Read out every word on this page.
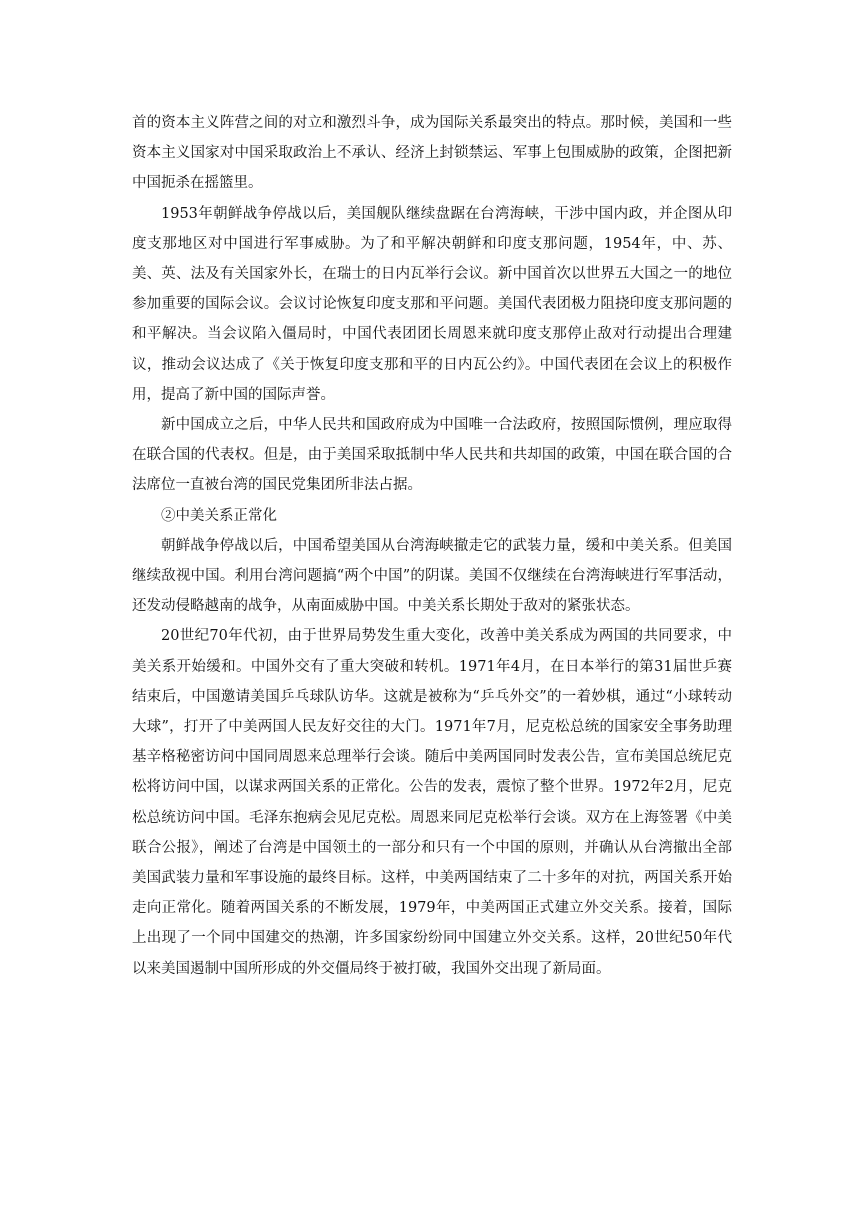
首的资本主义阵营之间的对立和激烈斗争，成为国际关系最突出的特点。那时候，美国和一些资本主义国家对中国采取政治上不承认、经济上封锁禁运、军事上包围威胁的政策，企图把新中国扼杀在摇篮里。

1953年朝鲜战争停战以后，美国舰队继续盘踞在台湾海峡，干涉中国内政，并企图从印度支那地区对中国进行军事威胁。为了和平解决朝鲜和印度支那问题，1954年，中、苏、美、英、法及有关国家外长，在瑞士的日内瓦举行会议。新中国首次以世界五大国之一的地位参加重要的国际会议。会议讨论恢复印度支那和平问题。美国代表团极力阻挠印度支那问题的和平解决。当会议陷入僵局时，中国代表团团长周恩来就印度支那停止敌对行动提出合理建议，推动会议达成了《关于恢复印度支那和平的日内瓦公约》。中国代表团在会议上的积极作用，提高了新中国的国际声誉。

新中国成立之后，中华人民共和国政府成为中国唯一合法政府，按照国际惯例，理应取得在联合国的代表权。但是，由于美国采取抵制中华人民共和共却国的政策，中国在联合国的合法席位一直被台湾的国民党集团所非法占据。

②中美关系正常化

朝鲜战争停战以后，中国希望美国从台湾海峡撤走它的武装力量，缓和中美关系。但美国继续敌视中国。利用台湾问题搞“两个中国”的阴谋。美国不仅继续在台湾海峡进行军事活动，还发动侵略越南的战争，从南面威胁中国。中美关系长期处于敌对的紧张状态。

20世纪70年代初，由于世界局势发生重大变化，改善中美关系成为两国的共同要求，中美关系开始缓和。中国外交有了重大突破和转机。1971年4月，在日本举行的第31届世乒赛结束后，中国邀请美国乒乓球队访华。这就是被称为“乒乓外交”的一着妙棋，通过“小球转动大球”，打开了中美两国人民友好交往的大门。1971年7月，尼克松总统的国家安全事务助理基辛格秘密访问中国同周恩来总理举行会谈。随后中美两国同时发表公告，宣布美国总统尼克松将访问中国，以谋求两国关系的正常化。公告的发表，震惊了整个世界。1972年2月，尼克松总统访问中国。毛泽东抱病会见尼克松。周恩来同尼克松举行会谈。双方在上海签署《中美联合公报》，阐述了台湾是中国领土的一部分和只有一个中国的原则，并确认从台湾撤出全部美国武装力量和军事设施的最终目标。这样，中美两国结束了二十多年的对抗，两国关系开始走向正常化。随着两国关系的不断发展，1979年，中美两国正式建立外交关系。接着，国际上出现了一个同中国建交的热潮，许多国家纷纷同中国建立外交关系。这样，20世纪50年代以来美国遏制中国所形成的外交僵局终于被打破，我国外交出现了新局面。
